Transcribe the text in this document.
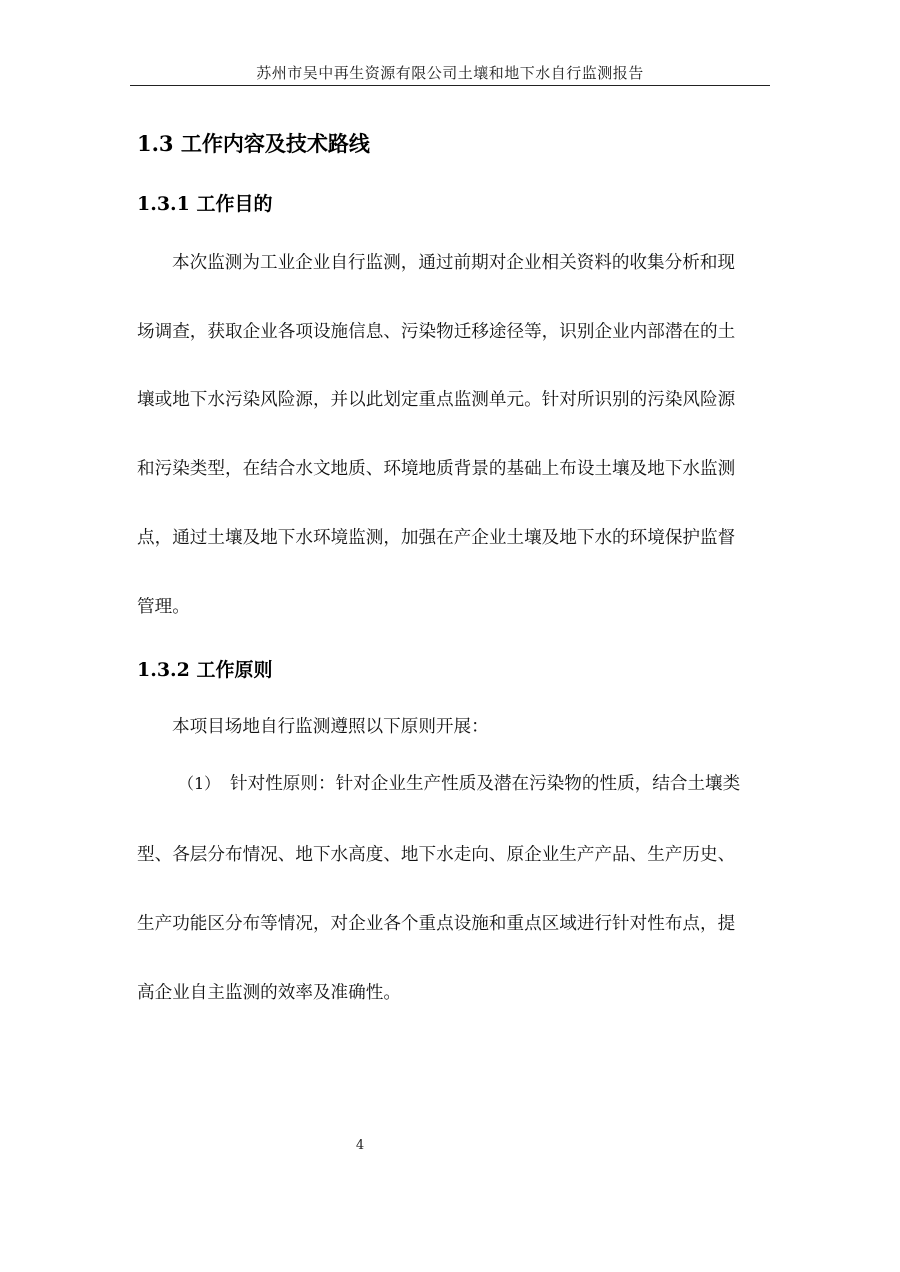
苏州市吴中再生资源有限公司土壤和地下水自行监测报告
1.3 工作内容及技术路线
1.3.1 工作目的
本次监测为工业企业自行监测，通过前期对企业相关资料的收集分析和现
场调查，获取企业各项设施信息、污染物迁移途径等，识别企业内部潜在的土
壤或地下水污染风险源，并以此划定重点监测单元。针对所识别的污染风险源
和污染类型，在结合水文地质、环境地质背景的基础上布设土壤及地下水监测
点，通过土壤及地下水环境监测，加强在产企业土壤及地下水的环境保护监督
管理。
1.3.2 工作原则
本项目场地自行监测遵照以下原则开展：
（1） 针对性原则：针对企业生产性质及潜在污染物的性质，结合土壤类
型、各层分布情况、地下水高度、地下水走向、原企业生产产品、生产历史、
生产功能区分布等情况，对企业各个重点设施和重点区域进行针对性布点，提
高企业自主监测的效率及准确性。
4
